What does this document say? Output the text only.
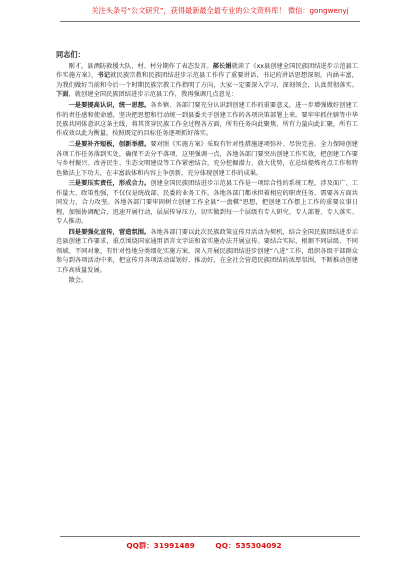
关注头条号“公文研究”，获得最新最全最专业的公文资料库！ 微信：gongwenyj
同志们：

刚才，县酒防救援大队、村、村分期作了表态发言。郝长娟就读了《xx县创建全国民族团结进步示范县工作实施方案》，书记就民族宗教和民族团结进步示范县工作作了重要讲话，书记的讲话思想深刻，内涵丰富，为我们做好当前和今后一个时期民族宗教工作指明了方向，大家一定要深入学习，深刻领会，认真贯彻落实。下面，就创建全国民族团结进步示范县工作，我再强调几点意见：

一是要提高认识，统一思想。各乡镇、各部门要充分认识到创建工作的重要意义，进一步增强做好创建工作的责任感和使命感，坚决把思想和行动统一到县委关于创建工作的各项决策部署上来。要牢牢抓住辖等中华民族共同体意识这条主线，将其贯穿民族工作全过程各方面，所有任务向此聚焦，所有力量向此汇聚，所有工作成效以此为衡量，按照既定的目标任务逐项抓好落实。

二是要补齐短板，创新举措。要对照《实施方案》采取有针对性措施逐项弥补、尽快完善。全力保障创建各项工作任务落到实处，确保不丢分不落项、这里强调一点，各地各部门要突出创建工作实效，把创建工作要与乡村振兴、改善民生、生态文明建设等工作紧密结合，充分挖掘潜力、放大优势，在总结提炼亮点工作和特色做法上下功夫，在丰富载体和内容上争创新，充分体现创建工作的成果。

三是要压实责任，形成合力。创建全国民族团结进步示范县工作是一项综合性的系统工程，涉及面广、工作量大、政策性强，不仅仅是统战部、民委的业务工作，各地各部门都承担着相应的职责任务，需要各方面共同发力，合力攻坚。各地各部门要牢固树立创建工作全县“一盘棋”思想，把创建工作摆上工作的重要议事日程，加强协调配合，迅速开展行动，层层传导压力，切实做到每一个层级有专人研究、专人部署、专人落实、专人推动。

四是要强化宣传，营造氛围。各地各部门要以此次民族政策宣传月活动为契机，结合全国民族团结进步示范县创建工作要求，重点围绕国家通用语言文字法和省实施办法开展宣传。要结合实际，根据不同层级、不同领域、不同对象，有针对性地分类细化实施方案，深入开展民族团结进步创建“八进”工作，组织各级干部群众参与到各项活动中来，把宣传月各项活动谋划好、推动好，在全社会营造民族团结的浓厚氛围，不断推动创建工作高质量发展。

散会。

QQ群：31991489	QQ：535304092
